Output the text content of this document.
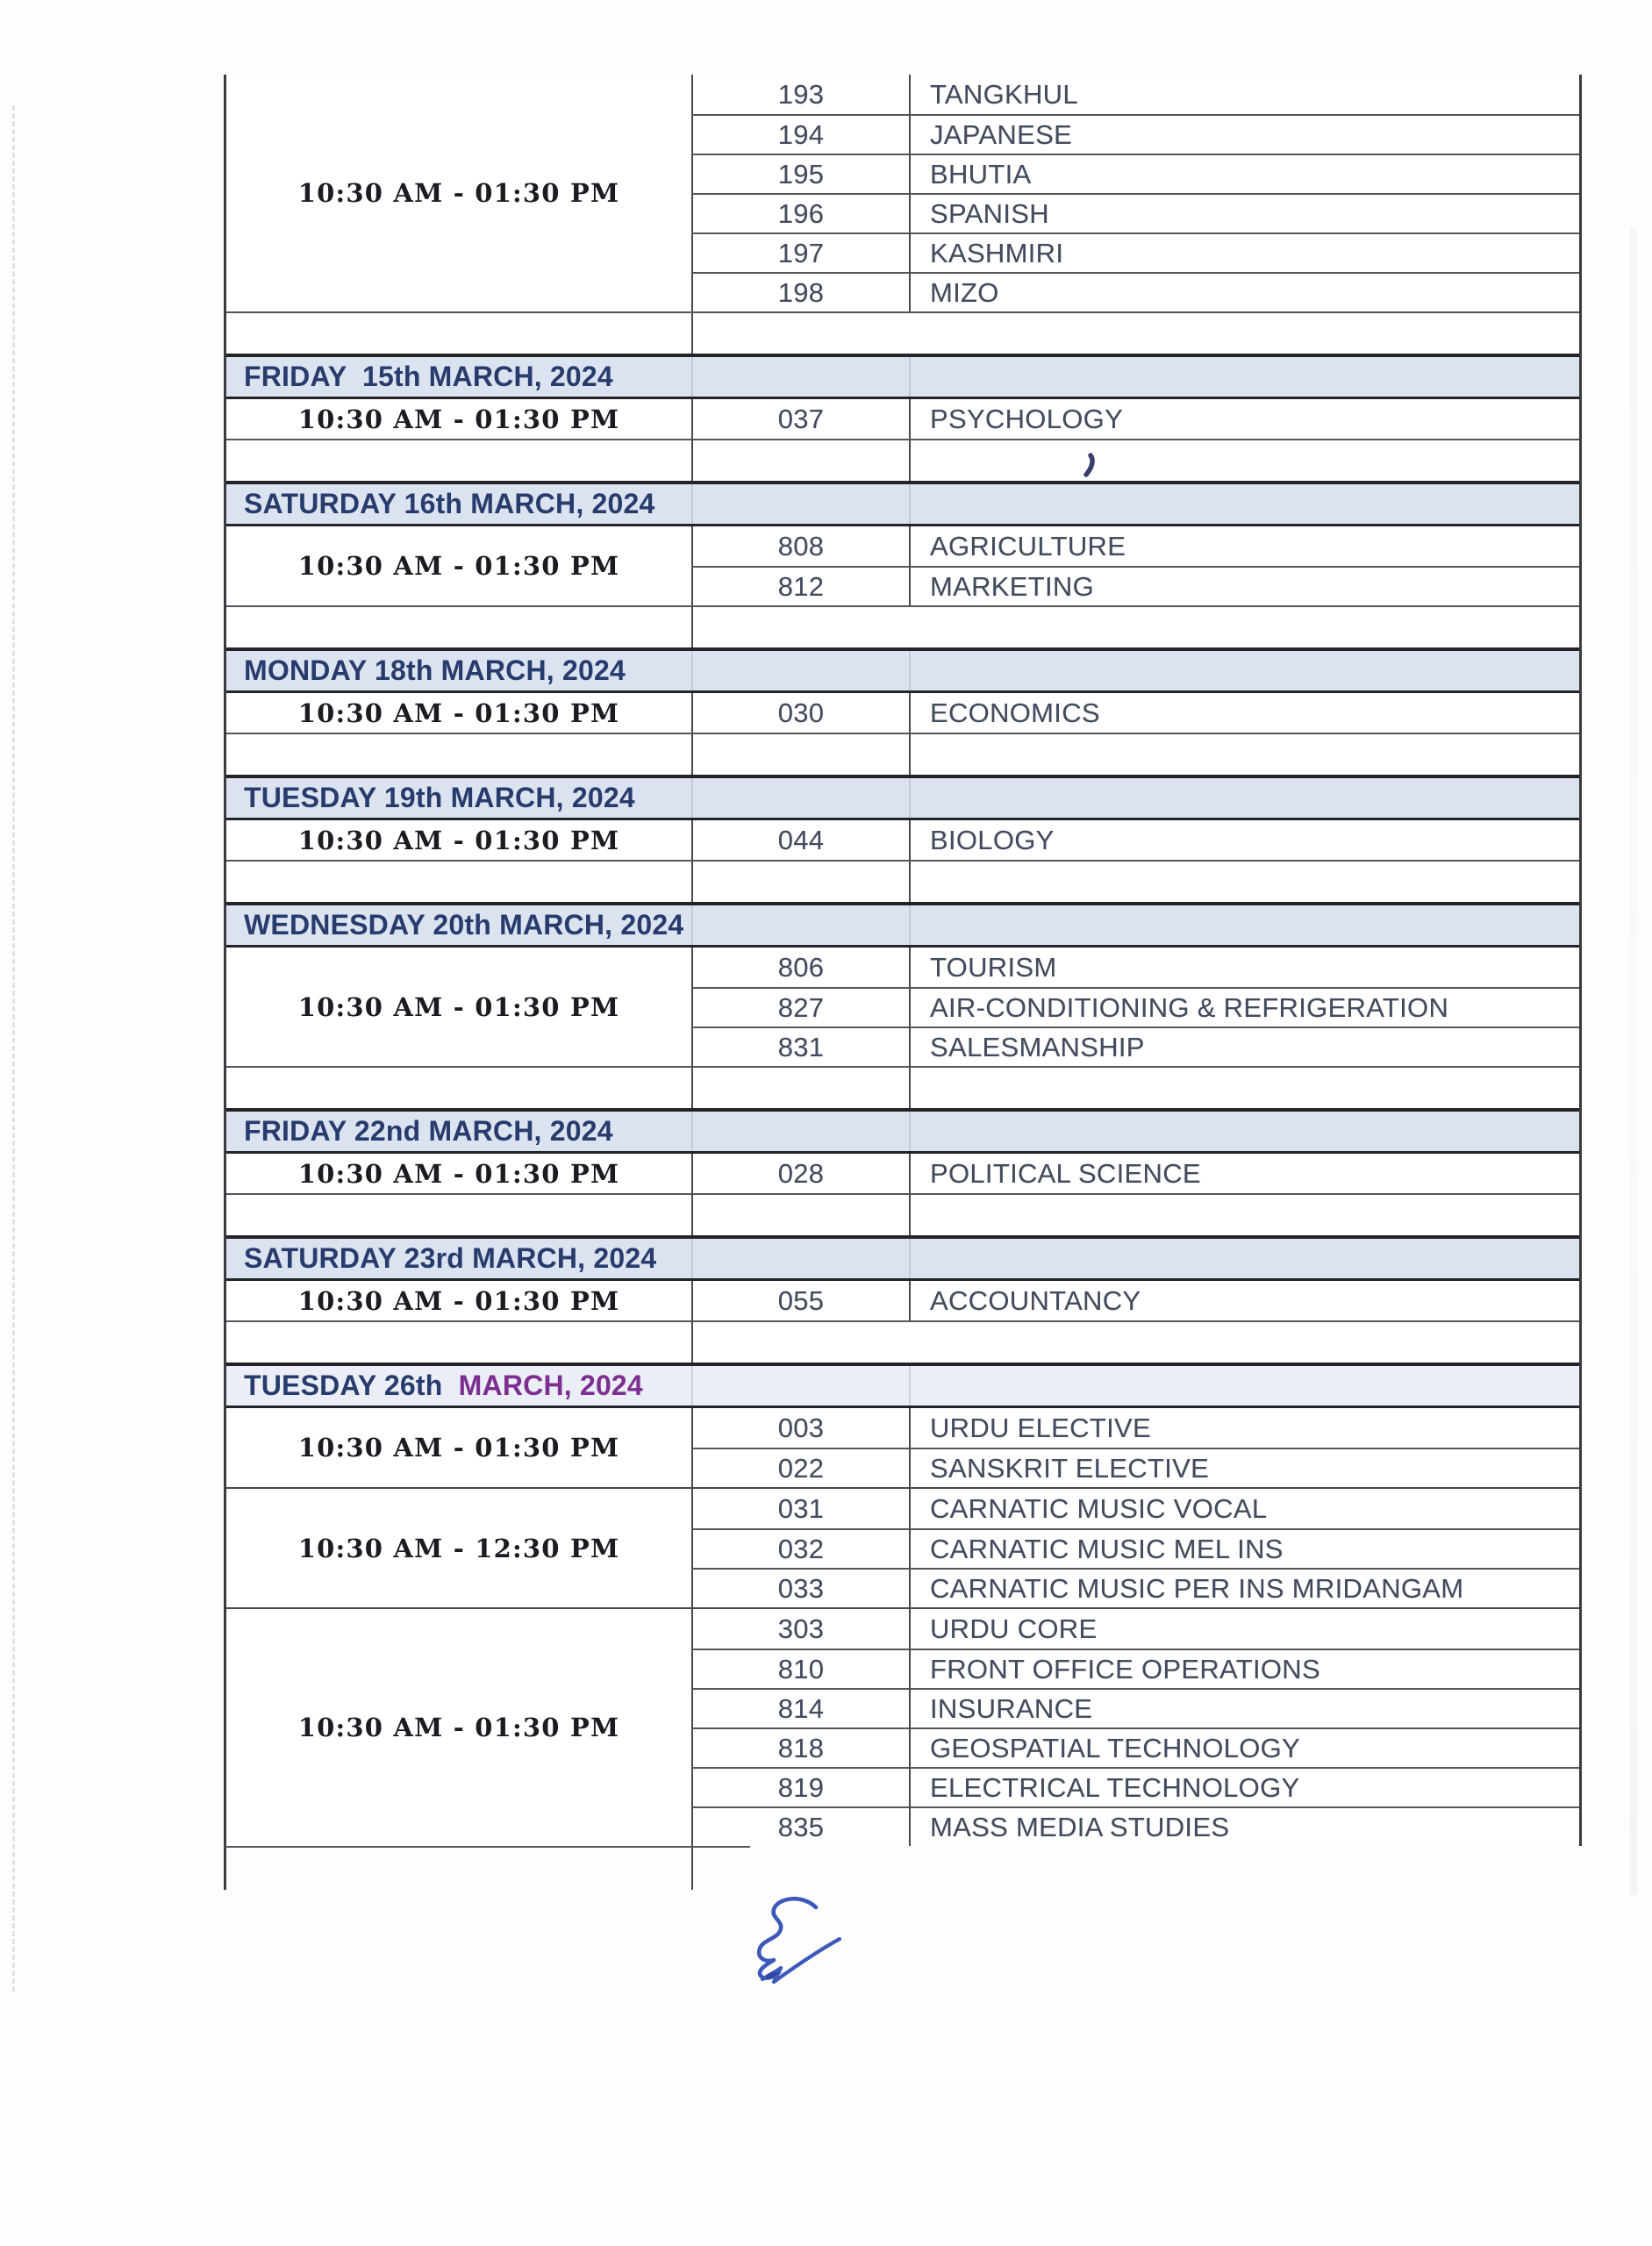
10:30 AM - 01:30 PM
193	TANGKHUL
194	JAPANESE
195	BHUTIA
196	SPANISH
197	KASHMIRI
198	MIZO
FRIDAY  15th MARCH, 2024
10:30 AM - 01:30 PM	037	PSYCHOLOGY
SATURDAY 16th MARCH, 2024
10:30 AM - 01:30 PM
808	AGRICULTURE
812	MARKETING
MONDAY 18th MARCH, 2024
10:30 AM - 01:30 PM	030	ECONOMICS
TUESDAY 19th MARCH, 2024
10:30 AM - 01:30 PM	044	BIOLOGY
WEDNESDAY 20th MARCH, 2024
10:30 AM - 01:30 PM
806	TOURISM
827	AIR-CONDITIONING & REFRIGERATION
831	SALESMANSHIP
FRIDAY 22nd MARCH, 2024
10:30 AM - 01:30 PM	028	POLITICAL SCIENCE
SATURDAY 23rd MARCH, 2024
10:30 AM - 01:30 PM	055	ACCOUNTANCY
TUESDAY 26th  MARCH, 2024
10:30 AM - 01:30 PM
003	URDU ELECTIVE
022	SANSKRIT ELECTIVE
10:30 AM - 12:30 PM
031	CARNATIC MUSIC VOCAL
032	CARNATIC MUSIC MEL INS
033	CARNATIC MUSIC PER INS MRIDANGAM
10:30 AM - 01:30 PM
303	URDU CORE
810	FRONT OFFICE OPERATIONS
814	INSURANCE
818	GEOSPATIAL TECHNOLOGY
819	ELECTRICAL TECHNOLOGY
835	MASS MEDIA STUDIES
